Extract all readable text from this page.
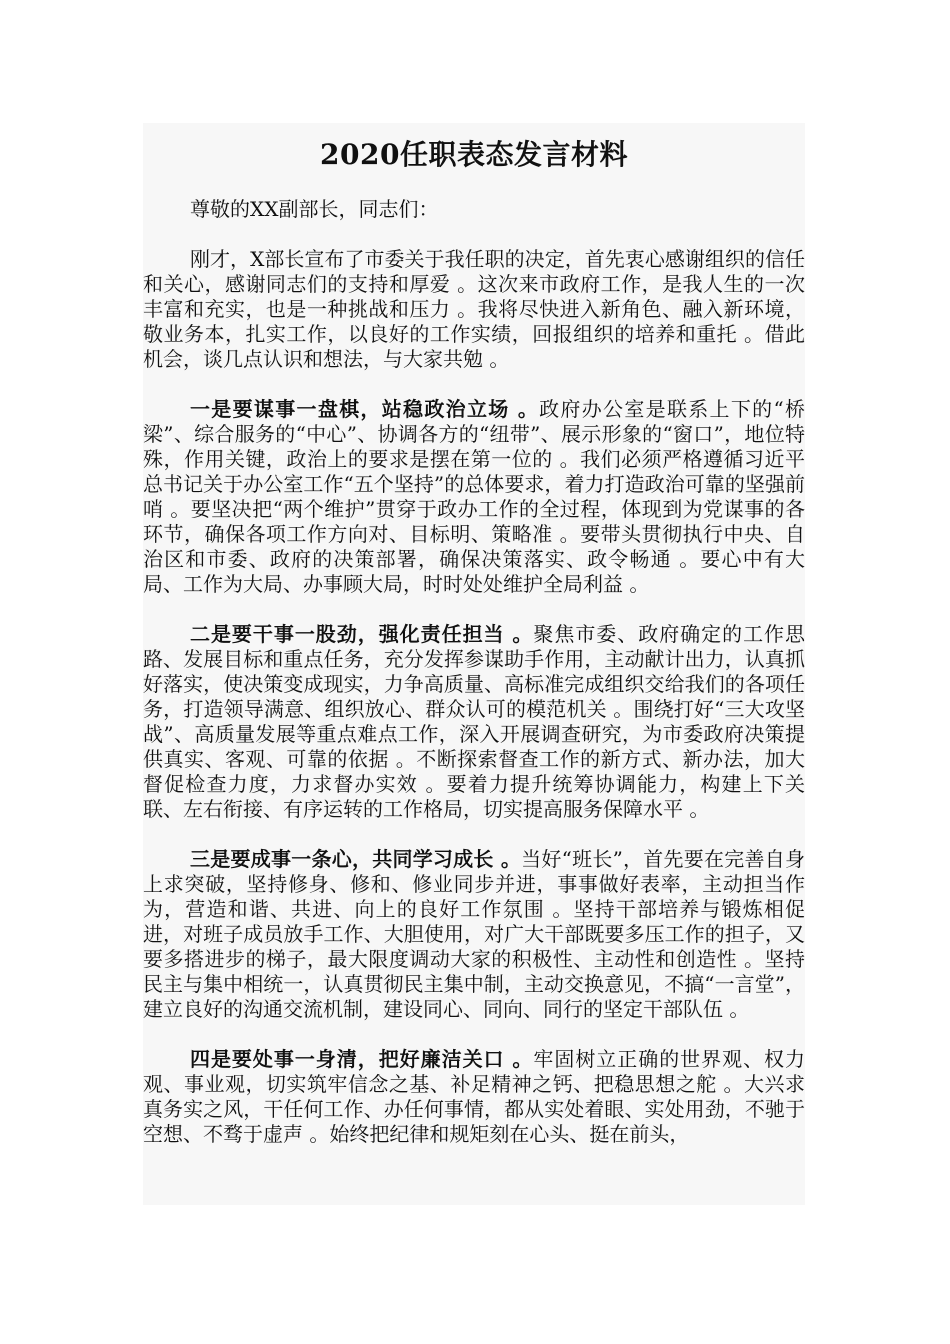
2020任职表态发言材料

尊敬的XX副部长，同志们：

刚才，X部长宣布了市委关于我任职的决定，首先衷心感谢组织的信任和关心，感谢同志们的支持和厚爱 。这次来市政府工作，是我人生的一次丰富和充实，也是一种挑战和压力 。我将尽快进入新角色、融入新环境，敬业务本，扎实工作，以良好的工作实绩，回报组织的培养和重托 。借此机会，谈几点认识和想法，与大家共勉 。

一是要谋事一盘棋，站稳政治立场 。政府办公室是联系上下的“桥梁”、综合服务的“中心”、协调各方的“纽带”、展示形象的“窗口”，地位特殊，作用关键，政治上的要求是摆在第一位的 。我们必须严格遵循习近平总书记关于办公室工作“五个坚持”的总体要求，着力打造政治可靠的坚强前哨 。要坚决把“两个维护”贯穿于政办工作的全过程，体现到为党谋事的各环节，确保各项工作方向对、目标明、策略准 。要带头贯彻执行中央、自治区和市委、政府的决策部署，确保决策落实、政令畅通 。要心中有大局、工作为大局、办事顾大局，时时处处维护全局利益 。

二是要干事一股劲，强化责任担当 。聚焦市委、政府确定的工作思路、发展目标和重点任务，充分发挥参谋助手作用，主动献计出力，认真抓好落实，使决策变成现实，力争高质量、高标准完成组织交给我们的各项任务，打造领导满意、组织放心、群众认可的模范机关 。围绕打好“三大攻坚战”、高质量发展等重点难点工作，深入开展调查研究，为市委政府决策提供真实、客观、可靠的依据 。不断探索督查工作的新方式、新办法，加大督促检查力度，力求督办实效 。要着力提升统筹协调能力，构建上下关联、左右衔接、有序运转的工作格局，切实提高服务保障水平 。

三是要成事一条心，共同学习成长 。当好“班长”，首先要在完善自身上求突破，坚持修身、修和、修业同步并进，事事做好表率，主动担当作为，营造和谐、共进、向上的良好工作氛围 。坚持干部培养与锻炼相促进，对班子成员放手工作、大胆使用，对广大干部既要多压工作的担子，又要多搭进步的梯子，最大限度调动大家的积极性、主动性和创造性 。坚持民主与集中相统一，认真贯彻民主集中制，主动交换意见，不搞“一言堂”，建立良好的沟通交流机制，建设同心、同向、同行的坚定干部队伍 。

四是要处事一身清，把好廉洁关口 。牢固树立正确的世界观、权力观、事业观，切实筑牢信念之基、补足精神之钙、把稳思想之舵 。大兴求真务实之风，干任何工作、办任何事情，都从实处着眼、实处用劲，不驰于空想、不骛于虚声 。始终把纪律和规矩刻在心头、挺在前头，
